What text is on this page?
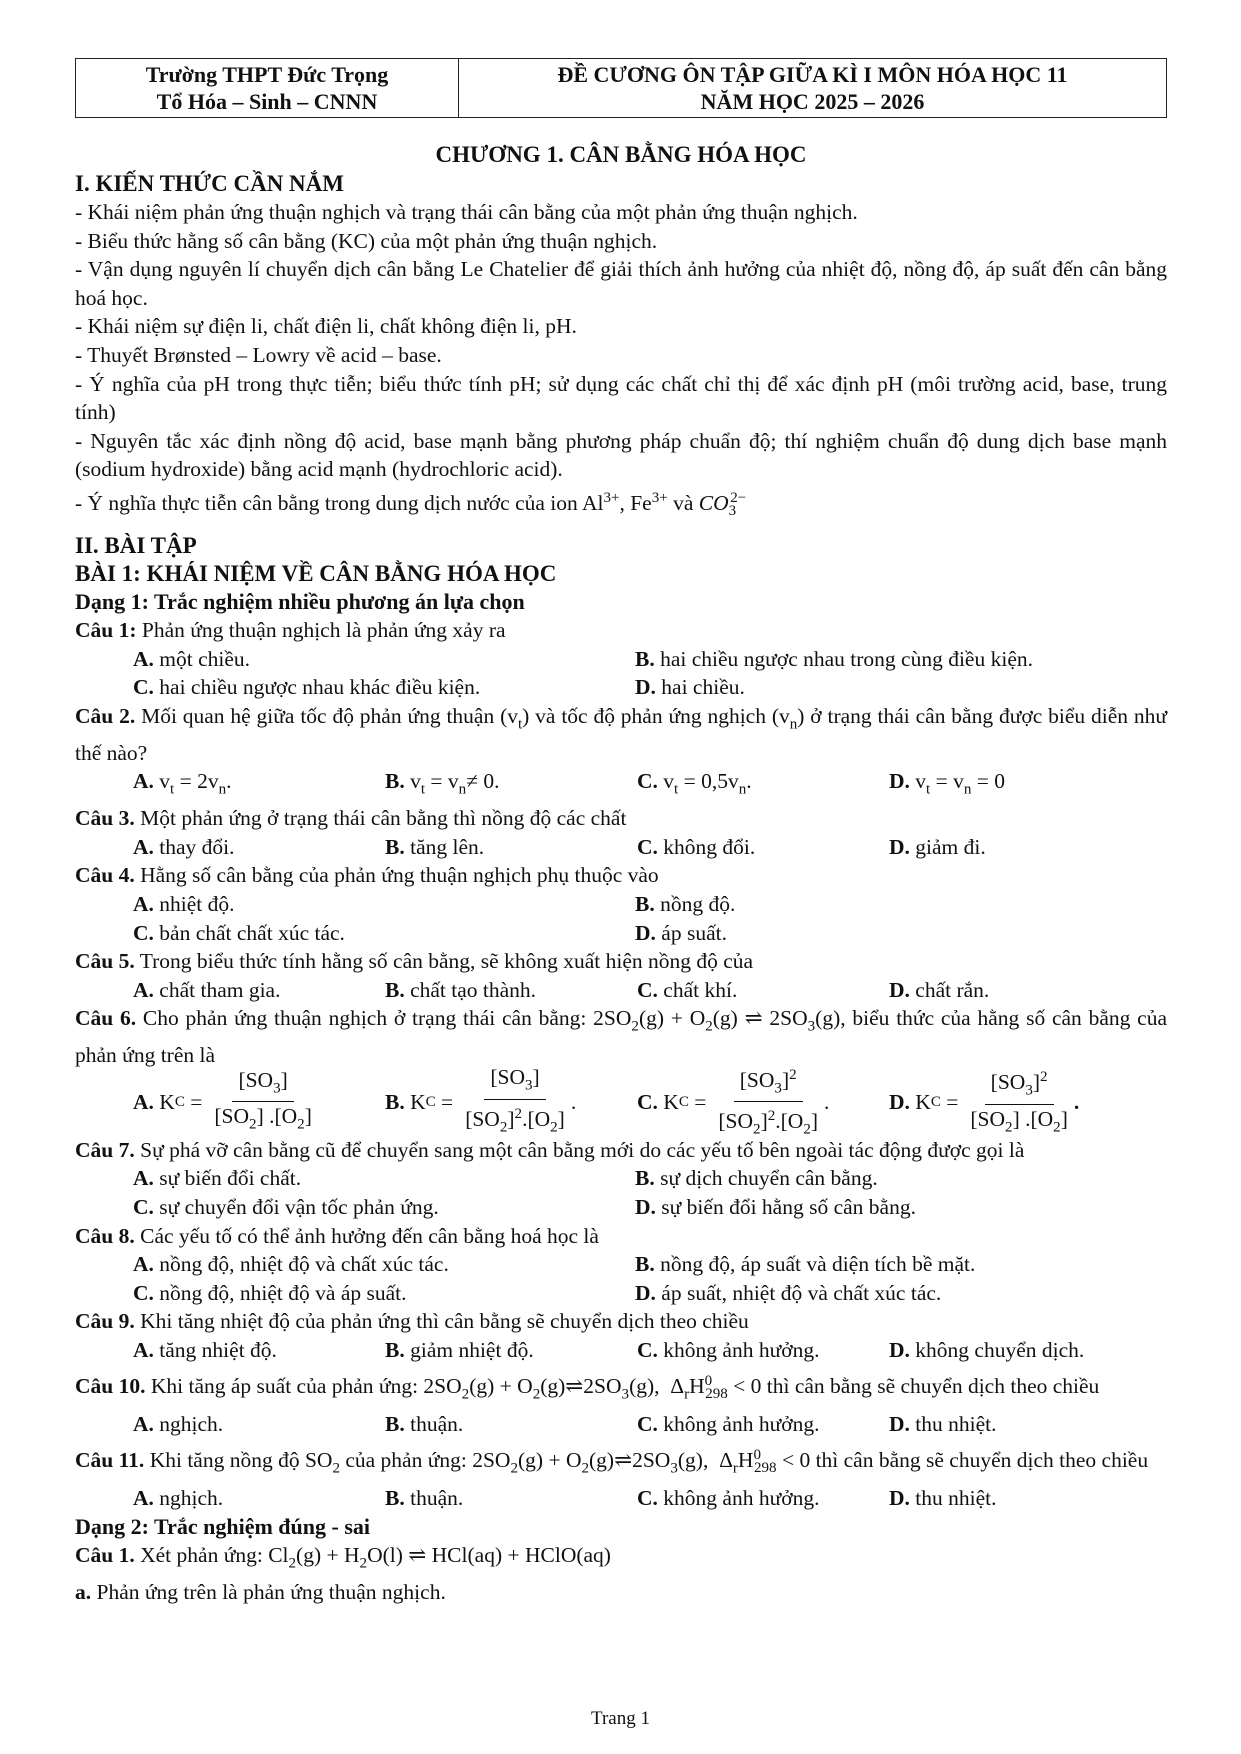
Trường THPT Đức Trọng
Tổ Hóa – Sinh – CNNN
ĐỀ CƯƠNG ÔN TẬP GIỮA KÌ I MÔN HÓA HỌC 11
NĂM HỌC 2025 – 2026
CHƯƠNG 1. CÂN BẰNG HÓA HỌC
I. KIẾN THỨC CẦN NẮM

- Khái niệm phản ứng thuận nghịch và trạng thái cân bằng của một phản ứng thuận nghịch.

- Biểu thức hằng số cân bằng (KC) của một phản ứng thuận nghịch.

- Vận dụng nguyên lí chuyển dịch cân bằng Le Chatelier để giải thích ảnh hưởng của nhiệt độ, nồng độ, áp suất đến cân bằng hoá học.

- Khái niệm sự điện li, chất điện li, chất không điện li, pH.

- Thuyết Brønsted – Lowry về acid – base.

- Ý nghĩa của pH trong thực tiễn; biểu thức tính pH; sử dụng các chất chỉ thị để xác định pH (môi trường acid, base, trung tính)

- Nguyên tắc xác định nồng độ acid, base mạnh bằng phương pháp chuẩn độ; thí nghiệm chuẩn độ dung dịch base mạnh (sodium hydroxide) bằng acid mạnh (hydrochloric acid).

- Ý nghĩa thực tiễn cân bằng trong dung dịch nước của ion $Al^{3+}$, $Fe^{3+}$ và $CO_3^{2-}$

II. BÀI TẬP
BÀI 1: KHÁI NIỆM VỀ CÂN BẰNG HÓA HỌC
Dạng 1: Trắc nghiệm nhiều phương án lựa chọn

Câu 1: Phản ứng thuận nghịch là phản ứng xảy ra

A. một chiều.	B. hai chiều ngược nhau trong cùng điều kiện.
C. hai chiều ngược nhau khác điều kiện.	D. hai chiều.

Câu 2. Mối quan hệ giữa tốc độ phản ứng thuận $(v_t)$ và tốc độ phản ứng nghịch $(v_n)$ ở trạng thái cân bằng được biểu diễn như thế nào?

A. $v_t = 2v_n$.	B. $v_t = v_n\ne 0$.	C. $v_t = 0,5v_n$.	D. $v_t = v_n = 0$

Câu 3. Một phản ứng ở trạng thái cân bằng thì nồng độ các chất

A. thay đổi.	B. tăng lên.	C. không đổi.	D. giảm đi.

Câu 4. Hằng số cân bằng của phản ứng thuận nghịch phụ thuộc vào

A. nhiệt độ.	B. nồng độ.
C. bản chất chất xúc tác.	D. áp suất.

Câu 5. Trong biểu thức tính hằng số cân bằng, sẽ không xuất hiện nồng độ của

A. chất tham gia.	B. chất tạo thành.	C. chất khí.	D. chất rắn.

Câu 6. Cho phản ứng thuận nghịch ở trạng thái cân bằng: $2SO_2(g) + O_2(g)$ ⇌ $2SO_3(g)$, biểu thức của hằng số cân bằng của phản ứng trên là

A. K $C = \frac{[SO_3]}{[SO_2] .[O_2]}$	B. K $C = \frac{[SO_3]}{[SO_2]^2.[O_2]}$ .	C. K $C = \frac{[SO_3]^2}{[SO_2]^2.[O_2]}$ .	D. K $C = \frac{[SO_3]^2}{[SO_2] .[O_2]}$ .

Câu 7. Sự phá vỡ cân bằng cũ để chuyển sang một cân bằng mới do các yếu tố bên ngoài tác động được gọi là

A. sự biến đổi chất.	B. sự dịch chuyển cân bằng.
C. sự chuyển đổi vận tốc phản ứng.	D. sự biến đổi hằng số cân bằng.

Câu 8. Các yếu tố có thể ảnh hưởng đến cân bằng hoá học là

A. nồng độ, nhiệt độ và chất xúc tác.	B. nồng độ, áp suất và diện tích bề mặt.
C. nồng độ, nhiệt độ và áp suất.	D. áp suất, nhiệt độ và chất xúc tác.

Câu 9. Khi tăng nhiệt độ của phản ứng thì cân bằng sẽ chuyển dịch theo chiều

A. tăng nhiệt độ.	B. giảm nhiệt độ.	C. không ảnh hưởng.	D. không chuyển dịch.

Câu 10. Khi tăng áp suất của phản ứng: $2SO_2(g)$ + $O_2(g)\rightleftharpoons 2SO_3(g)$,  $\Delta_rH^0_{298} < 0$ thì cân bằng sẽ chuyển dịch theo chiều

A. nghịch.	B. thuận.	C. không ảnh hưởng.	D. thu nhiệt.

Câu 11. Khi tăng nồng độ $SO_2$ của phản ứng: $2SO_2(g)$ + $O_2(g)\rightleftharpoons 2SO_3(g)$,  $\Delta_rH^0_{298} < 0$ thì cân bằng sẽ chuyển dịch theo chiều

A. nghịch.	B. thuận.	C. không ảnh hưởng.	D. thu nhiệt.
Dạng 2: Trắc nghiệm đúng - sai

Câu 1. Xét phản ứng: $Cl_2(g) + H_2O(l)$ ⇌ HCl(aq) + HClO(aq)

a. Phản ứng trên là phản ứng thuận nghịch.

Trang 1
